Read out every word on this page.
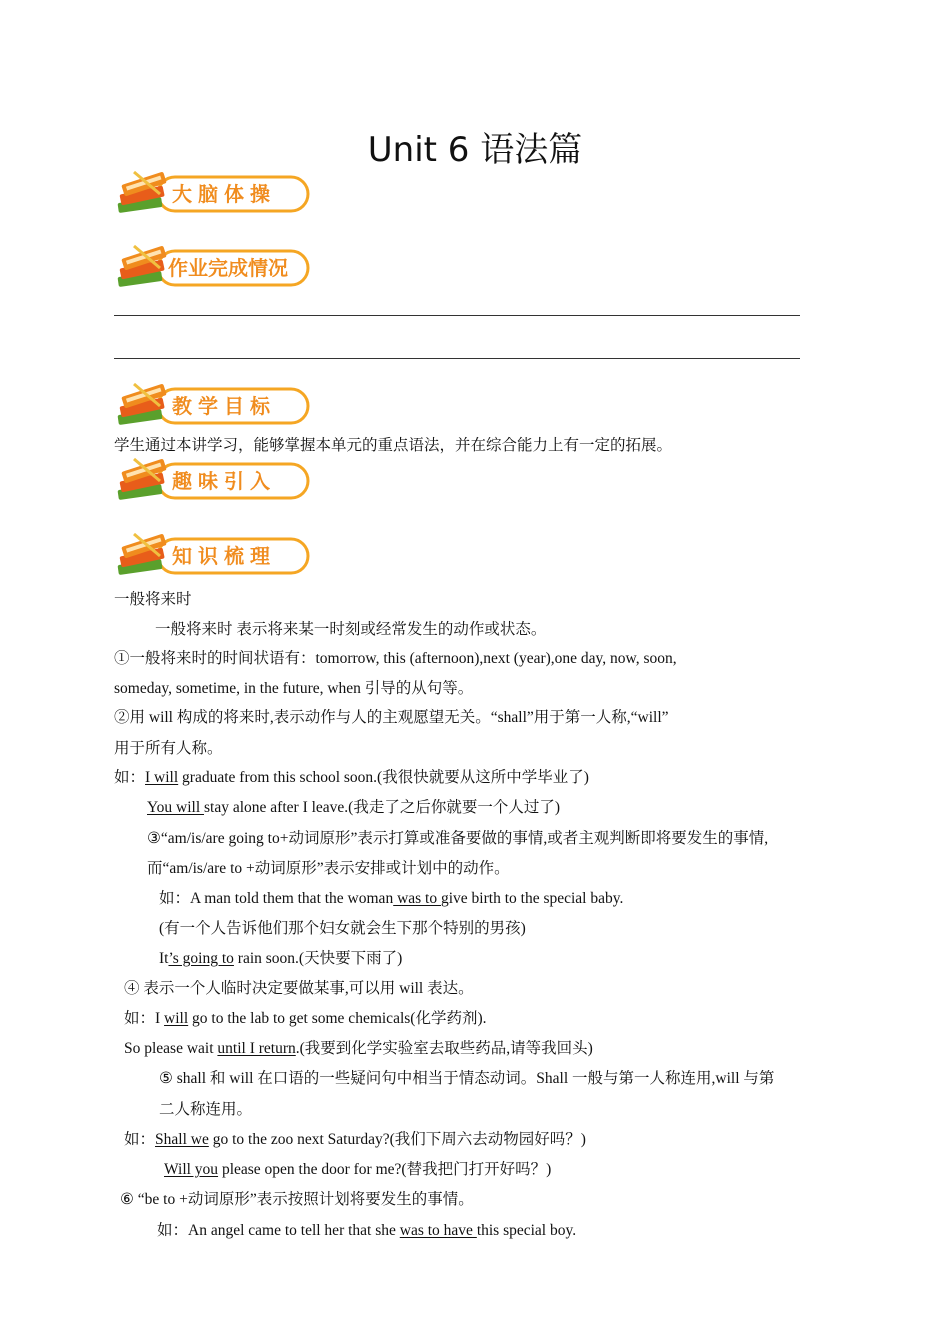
Unit 6 语法篇
大脑体操
作业完成情况
教学目标
学生通过本讲学习，能够掌握本单元的重点语法，并在综合能力上有一定的拓展。
趣味引入
知识梳理
一般将来时
一般将来时 表示将来某一时刻或经常发生的动作或状态。
①一般将来时的时间状语有：tomorrow, this (afternoon),next (year),one day, now, soon,
someday, sometime, in the future, when 引导的从句等。
②用 will 构成的将来时,表示动作与人的主观愿望无关。“shall”用于第一人称,“will”
用于所有人称。
如：I will graduate from this school soon.(我很快就要从这所中学毕业了)
You will stay alone after I leave.(我走了之后你就要一个人过了)
③“am/is/are going to+动词原形”表示打算或准备要做的事情,或者主观判断即将要发生的事情,
而“am/is/are to +动词原形”表示安排或计划中的动作。
如：A man told them that the woman was to give birth to the special baby.
(有一个人告诉他们那个妇女就会生下那个特别的男孩)
It’s going to rain soon.(天快要下雨了)
④ 表示一个人临时决定要做某事,可以用 will 表达。
如：I will go to the lab to get some chemicals(化学药剂).
So please wait until I return.(我要到化学实验室去取些药品,请等我回头)
⑤ shall 和 will 在口语的一些疑问句中相当于情态动词。Shall 一般与第一人称连用,will 与第
二人称连用。
如：Shall we go to the zoo next Saturday?(我们下周六去动物园好吗？)
Will you please open the door for me?(替我把门打开好吗？)
⑥ “be to +动词原形”表示按照计划将要发生的事情。
如：An angel came to tell her that she was to have this special boy.
